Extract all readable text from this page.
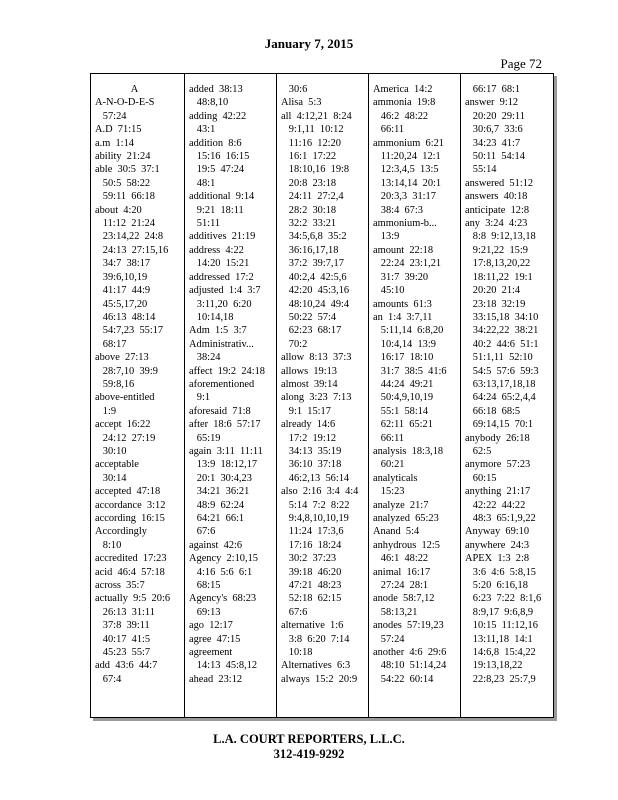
January 7, 2015
Page 72
A
A-N-O-D-E-S
57:24
A.D  71:15
a.m  1:14
ability  21:24
able  30:5  37:1
50:5  58:22
59:11  66:18
about  4:20
11:12  21:24
23:14,22  24:8
24:13  27:15,16
34:7  38:17
39:6,10,19
41:17  44:9
45:5,17,20
46:13  48:14
54:7,23  55:17
68:17
above  27:13
28:7,10  39:9
59:8,16
above-entitled
1:9
accept  16:22
24:12  27:19
30:10
acceptable
30:14
accepted  47:18
accordance  3:12
according  16:15
Accordingly
8:10
accredited  17:23
acid  46:4  57:18
across  35:7
actually  9:5  20:6
26:13  31:11
37:8  39:11
40:17  41:5
45:23  55:7
add  43:6  44:7
67:4
added  38:13
48:8,10
adding  42:22
43:1
addition  8:6
15:16  16:15
19:5  47:24
48:1
additional  9:14
9:21  18:11
51:11
additives  21:19
address  4:22
14:20  15:21
addressed  17:2
adjusted  1:4  3:7
3:11,20  6:20
10:14,18
Adm  1:5  3:7
Administrativ...
38:24
affect  19:2  24:18
aforementioned
9:1
aforesaid  71:8
after  18:6  57:17
65:19
again  3:11  11:11
13:9  18:12,17
20:1  30:4,23
34:21  36:21
48:9  62:24
64:21  66:1
67:6
against  42:6
Agency  2:10,15
4:16  5:6  6:1
68:15
Agency's  68:23
69:13
ago  12:17
agree  47:15
agreement
14:13  45:8,12
ahead  23:12
30:6
Alisa  5:3
all  4:12,21  8:24
9:1,11  10:12
11:16  12:20
16:1  17:22
18:10,16  19:8
20:8  23:18
24:11  27:2,4
28:2  30:18
32:2  33:21
34:5,6,8  35:2
36:16,17,18
37:2  39:7,17
40:2,4  42:5,6
42:20  45:3,16
48:10,24  49:4
50:22  57:4
62:23  68:17
70:2
allow  8:13  37:3
allows  19:13
almost  39:14
along  3:23  7:13
9:1  15:17
already  14:6
17:2  19:12
34:13  35:19
36:10  37:18
46:2,13  56:14
also  2:16  3:4  4:4
5:14  7:2  8:22
9:4,8,10,10,19
11:24  17:3,6
17:16  18:24
30:2  37:23
39:18  46:20
47:21  48:23
52:18  62:15
67:6
alternative  1:6
3:8  6:20  7:14
10:18
Alternatives  6:3
always  15:2  20:9
America  14:2
ammonia  19:8
46:2  48:22
66:11
ammonium  6:21
11:20,24  12:1
12:3,4,5  13:5
13:14,14  20:1
20:3,3  31:17
38:4  67:3
ammonium-b...
13:9
amount  22:18
22:24  23:1,21
31:7  39:20
45:10
amounts  61:3
an  1:4  3:7,11
5:11,14  6:8,20
10:4,14  13:9
16:17  18:10
31:7  38:5  41:6
44:24  49:21
50:4,9,10,19
55:1  58:14
62:11  65:21
66:11
analysis  18:3,18
60:21
analyticals
15:23
analyze  21:7
analyzed  65:23
Anand  5:4
anhydrous  12:5
46:1  48:22
animal  16:17
27:24  28:1
anode  58:7,12
58:13,21
anodes  57:19,23
57:24
another  4:6  29:6
48:10  51:14,24
54:22  60:14
66:17  68:1
answer  9:12
20:20  29:11
30:6,7  33:6
34:23  41:7
50:11  54:14
55:14
answered  51:12
answers  40:18
anticipate  12:8
any  3:24  4:23
8:8  9:12,13,18
9:21,22  15:9
17:8,13,20,22
18:11,22  19:1
20:20  21:4
23:18  32:19
33:15,18  34:10
34:22,22  38:21
40:2  44:6  51:1
51:1,11  52:10
54:5  57:6  59:3
63:13,17,18,18
64:24  65:2,4,4
66:18  68:5
69:14,15  70:1
anybody  26:18
62:5
anymore  57:23
60:15
anything  21:17
42:22  44:22
48:3  65:1,9,22
Anyway  69:10
anywhere  24:3
APEX  1:3  2:8
3:6  4:6  5:8,15
5:20  6:16,18
6:23  7:22  8:1,6
8:9,17  9:6,8,9
10:15  11:12,16
13:11,18  14:1
14:6,8  15:4,22
19:13,18,22
22:8,23  25:7,9
L.A. COURT REPORTERS, L.L.C.
312-419-9292
